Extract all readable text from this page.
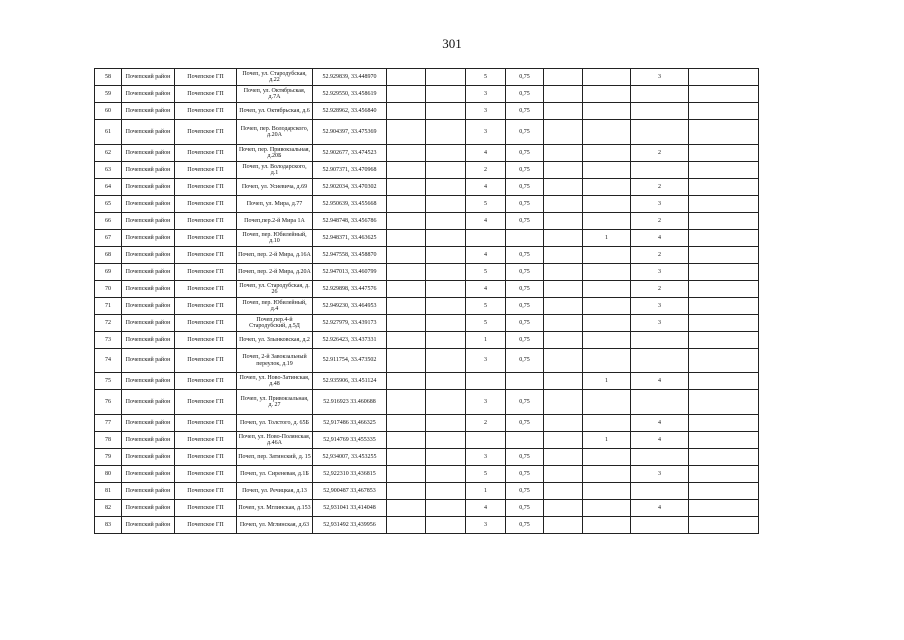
301
58	Почепский район	Почепское ГП	Почеп, ул. Стародубская, д.22	52.929839, 33.448970			5	0,75			3	
59	Почепский район	Почепское ГП	Почеп, ул. Октябрьская, д.7А	52.929550, 33.458619			3	0,75				
60	Почепский район	Почепское ГП	Почеп, ул. Октябрьская, д.6	52.928962, 33.456840			3	0,75				
61	Почепский район	Почепское ГП	Почеп, пер. Володарского, д.20А	52.904397, 33.475369			3	0,75				
62	Почепский район	Почепское ГП	Почеп, пер. Привокзальная, д.20Б	52.902677, 33.474523			4	0,75			2	
63	Почепский район	Почепское ГП	Почеп, ул. Володарского, д.1	52.907371, 33.470968			2	0,75				
64	Почепский район	Почепское ГП	Почеп, ул. Усиевича, д.69	52.902034, 33.470302			4	0,75			2	
65	Почепский район	Почепское ГП	Почеп, ул. Мира, д.77	52.950639, 33.455668			5	0,75			3	
66	Почепский район	Почепское ГП	Почеп,пер.2-й Мира 1А	52.948748, 33.456786			4	0,75			2	
67	Почепский район	Почепское ГП	Почеп, пер. Юбилейный, д.10	52.948371, 33.463625						1	4	
68	Почепский район	Почепское ГП	Почеп, пер. 2-й Мира, д.16А	52.947558, 33.458870			4	0,75			2	
69	Почепский район	Почепское ГП	Почеп, пер. 2-й Мира, д.20А	52.947013, 33.460799			5	0,75			3	
70	Почепский район	Почепское ГП	Почеп, ул. Стародубская, д. 26	52.929898, 33.447576			4	0,75			2	
71	Почепский район	Почепское ГП	Почеп, пер. Юбилейный, д.4	52.949230, 33.464953			5	0,75			3	
72	Почепский район	Почепское ГП	Почеп,пер.4-й Стародубский, д.5Д	52.927979, 33.439173			5	0,75			3	
73	Почепский район	Почепское ГП	Почеп, ул. Злынковская, д.2	52.926423, 33.437331			1	0,75				
74	Почепский район	Почепское ГП	Почеп, 2-й Завокзальный переулок, д.19	52.911754, 33.473502			3	0,75				
75	Почепский район	Почепское ГП	Почеп, ул. Ново-Затинская, д.48	52.935906, 33.451124						1	4	
76	Почепский район	Почепское ГП	Почеп, ул. Привокзальная, д. 27	52.916923 33.460688			3	0,75				
77	Почепский район	Почепское ГП	Почеп, ул. Толстого, д. 65Б	52,917486 33,466325			2	0,75			4	
78	Почепский район	Почепское ГП	Почеп, ул. Ново-Полянская, д.46А	52,914769 33,455335						1	4	
79	Почепский район	Почепское ГП	Почеп, пер. Затинский, д. 15	52,934007, 33.453255			3	0,75				
80	Почепский район	Почепское ГП	Почеп, ул. Сиреневая, д.1Б	52,922310 33,436815			5	0,75			3	
81	Почепский район	Почепское ГП	Почеп, ул. Речицкая, д.13	52,900487 33,467853			1	0,75				
82	Почепский район	Почепское ГП	Почеп, ул. Мглинская, д.153	52,931041 33,414048			4	0,75			4	
83	Почепский район	Почепское ГП	Почеп, ул. Мглинская, д.63	52,931492 33,439956			3	0,75				
